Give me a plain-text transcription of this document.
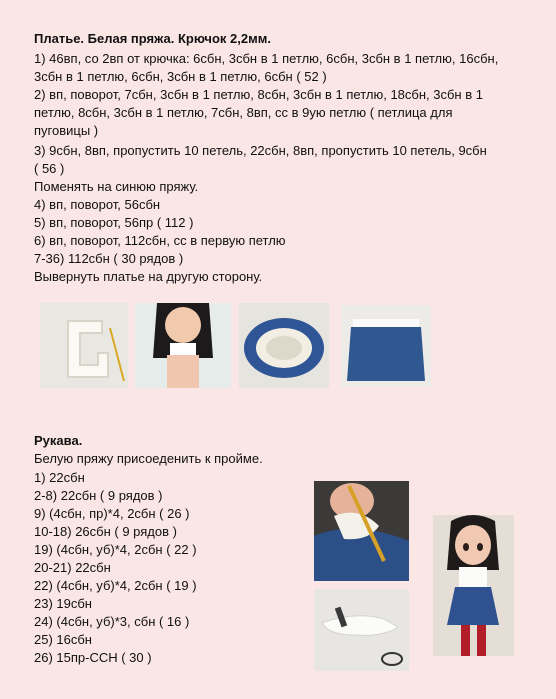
Платье. Белая пряжа. Крючок 2,2мм.
1) 46вп, со 2вп от крючка: 6сбн, 3сбн в 1 петлю, 6сбн, 3сбн в 1 петлю, 16сбн,
3сбн в 1 петлю, 6сбн, 3сбн в 1 петлю, 6сбн ( 52 )
2) вп, поворот, 7сбн, 3сбн в 1 петлю, 8сбн, 3сбн в 1 петлю, 18сбн, 3сбн в 1
петлю, 8сбн, 3сбн в 1 петлю, 7сбн, 8вп, сс в 9ую петлю ( петлица для
пуговицы )
3) 9сбн, 8вп, пропустить 10 петель, 22сбн, 8вп, пропустить 10 петель, 9сбн
( 56 )
Поменять на синюю пряжу.
4) вп, поворот, 56сбн
5) вп, поворот, 56пр ( 112 )
6) вп, поворот, 112сбн, сс в первую петлю
7-36) 112сбн ( 30 рядов )
Вывернуть платье на другую сторону.
Рукава.
Белую пряжу присоеденить к пройме.
1) 22сбн
2-8) 22сбн ( 9 рядов )
9) (4сбн, пр)*4, 2сбн ( 26 )
10-18) 26сбн ( 9 рядов )
19) (4сбн, уб)*4, 2сбн ( 22 )
20-21) 22сбн
22) (4сбн, уб)*4, 2сбн ( 19 )
23) 19сбн
24) (4сбн, уб)*3, сбн ( 16 )
25) 16сбн
26) 15пр-ССН ( 30 )
